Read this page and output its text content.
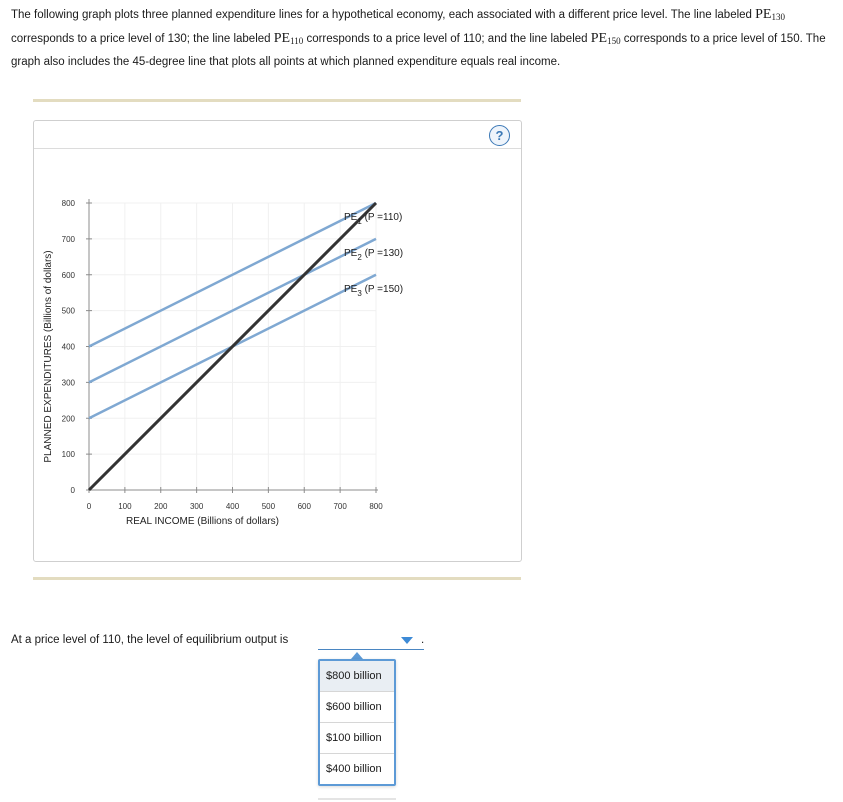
The following graph plots three planned expenditure lines for a hypothetical economy, each associated with a different price level. The line labeled $PE_{130}$ corresponds to a price level of 130; the line labeled $PE_{110}$ corresponds to a price level of 110; and the line labeled $PE_{150}$ corresponds to a price level of 150. The graph also includes the 45-degree line that plots all points at which planned expenditure equals real income.
?
0	100	200	300	400	500	600	700	800
0
100
200
300
400
500
600
700
800
REAL INCOME (Billions of dollars)
PLANNED EXPENDITURES (Billions of dollars)
$PE_1$ (P =110)
$PE_2$ (P =130)
$PE_3$ (P =150)
At a price level of 110, the level of equilibrium output is	.
$800 billion
$600 billion
$100 billion
$400 billion
